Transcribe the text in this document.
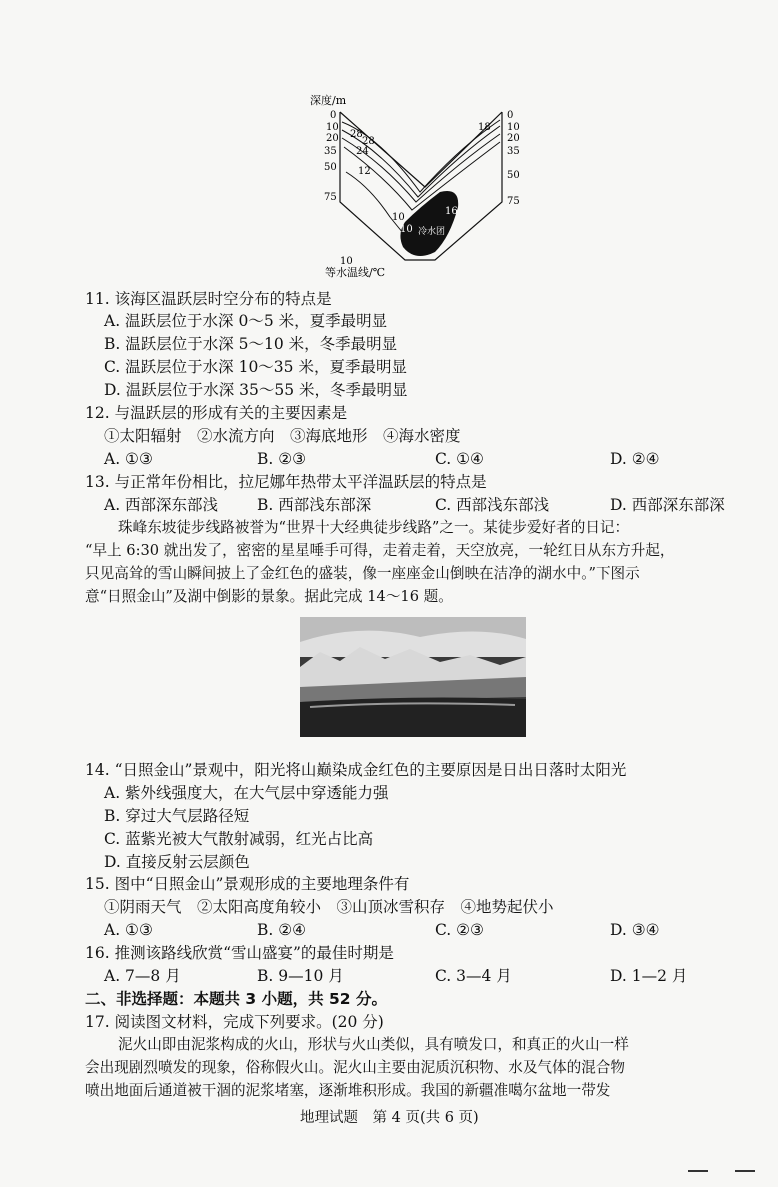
深度/m
0
10
20
35
50
75
0
10
20
35
50
75
28
28
24
12
18
10
16
10
10
冷水团
等水温线/℃
11. 该海区温跃层时空分布的特点是
A. 温跃层位于水深 0～5 米，夏季最明显
B. 温跃层位于水深 5～10 米，冬季最明显
C. 温跃层位于水深 10～35 米，夏季最明显
D. 温跃层位于水深 35～55 米，冬季最明显
12. 与温跃层的形成有关的主要因素是
①太阳辐射　②水流方向　③海底地形　④海水密度
A. ①③	B. ②③	C. ①④	D. ②④
13. 与正常年份相比，拉尼娜年热带太平洋温跃层的特点是
A. 西部深东部浅	B. 西部浅东部深	C. 西部浅东部浅	D. 西部深东部深
珠峰东坡徒步线路被誉为“世界十大经典徒步线路”之一。某徒步爱好者的日记：
“早上 6:30 就出发了，密密的星星唾手可得，走着走着，天空放亮，一轮红日从东方升起，
只见高耸的雪山瞬间披上了金红色的盛装，像一座座金山倒映在洁净的湖水中。”下图示
意“日照金山”及湖中倒影的景象。据此完成 14～16 题。
14. “日照金山”景观中，阳光将山巅染成金红色的主要原因是日出日落时太阳光
A. 紫外线强度大，在大气层中穿透能力强
B. 穿过大气层路径短
C. 蓝紫光被大气散射减弱，红光占比高
D. 直接反射云层颜色
15. 图中“日照金山”景观形成的主要地理条件有
①阴雨天气　②太阳高度角较小　③山顶冰雪积存　④地势起伏小
A. ①③	B. ②④	C. ②③	D. ③④
16. 推测该路线欣赏“雪山盛宴”的最佳时期是
A. 7—8 月	B. 9—10 月	C. 3—4 月	D. 1—2 月
二、非选择题：本题共 3 小题，共 52 分。
17. 阅读图文材料，完成下列要求。(20 分)
泥火山即由泥浆构成的火山，形状与火山类似，具有喷发口，和真正的火山一样
会出现剧烈喷发的现象，俗称假火山。泥火山主要由泥质沉积物、水及气体的混合物
喷出地面后通道被干涸的泥浆堵塞，逐渐堆积形成。我国的新疆准噶尔盆地一带发
地理试题　第 4 页(共 6 页)
